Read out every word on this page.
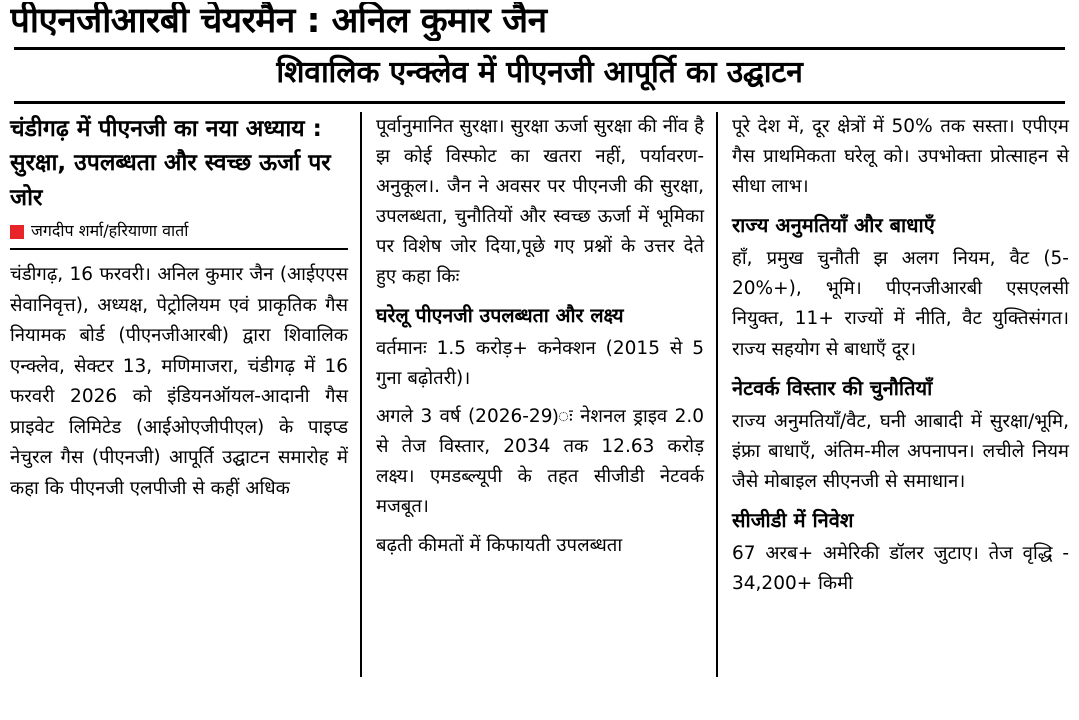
पीएनजीआरबी चेयरमैन : अनिल कुमार जैन
शिवालिक एन्क्लेव में पीएनजी आपूर्ति का उद्घाटन
चंडीगढ़ में पीएनजी का नया अध्याय : सुरक्षा, उपलब्धता और स्वच्छ ऊर्जा पर जोर
जगदीप शर्मा/हरियाणा वार्ता
चंडीगढ़, 16 फरवरी। अनिल कुमार जैन (आईएएस सेवानिवृत्त), अध्यक्ष, पेट्रोलियम एवं प्राकृतिक गैस नियामक बोर्ड (पीएनजीआरबी) द्वारा शिवालिक एन्क्लेव, सेक्टर 13, मणिमाजरा, चंडीगढ़ में 16 फरवरी 2026 को इंडियनऑयल-आदानी गैस प्राइवेट लिमिटेड (आईओएजीपीएल) के पाइप्ड नेचुरल गैस (पीएनजी) आपूर्ति उद्घाटन समारोह में कहा कि पीएनजी एलपीजी से कहीं अधिक
पूर्वानुमानित सुरक्षा। सुरक्षा ऊर्जा सुरक्षा की नींव है झ कोई विस्फोट का खतरा नहीं, पर्यावरण-अनुकूल।. जैन ने अवसर पर पीएनजी की सुरक्षा, उपलब्धता, चुनौतियों और स्वच्छ ऊर्जा में भूमिका पर विशेष जोर दिया,पूछे गए प्रश्नों के उत्तर देते हुए कहा किः
घरेलू पीएनजी उपलब्धता और लक्ष्य
वर्तमानः 1.5 करोड़+ कनेक्शन (2015 से 5 गुना बढ़ोतरी)।
अगले 3 वर्ष (2026-29)ः नेशनल ड्राइव 2.0 से तेज विस्तार, 2034 तक 12.63 करोड़ लक्ष्य। एमडब्ल्यूपी के तहत सीजीडी नेटवर्क मजबूत।
बढ़ती कीमतों में किफायती उपलब्धता
पूरे देश में, दूर क्षेत्रों में 50% तक सस्ता। एपीएम गैस प्राथमिकता घरेलू को। उपभोक्ता प्रोत्साहन से सीधा लाभ।
राज्य अनुमतियाँ और बाधाएँ
हाँ, प्रमुख चुनौती झ अलग नियम, वैट (5-20%+), भूमि। पीएनजीआरबी एसएलसी नियुक्त, 11+ राज्यों में नीति, वैट युक्तिसंगत। राज्य सहयोग से बाधाएँ दूर।
नेटवर्क विस्तार की चुनौतियाँ
राज्य अनुमतियाँ/वैट, घनी आबादी में सुरक्षा/भूमि, इंफ्रा बाधाएँ, अंतिम-मील अपनापन। लचीले नियम जैसे मोबाइल सीएनजी से समाधान।
सीजीडी में निवेश
67 अरब+ अमेरिकी डॉलर जुटाए। तेज वृद्धि - 34,200+ किमी
